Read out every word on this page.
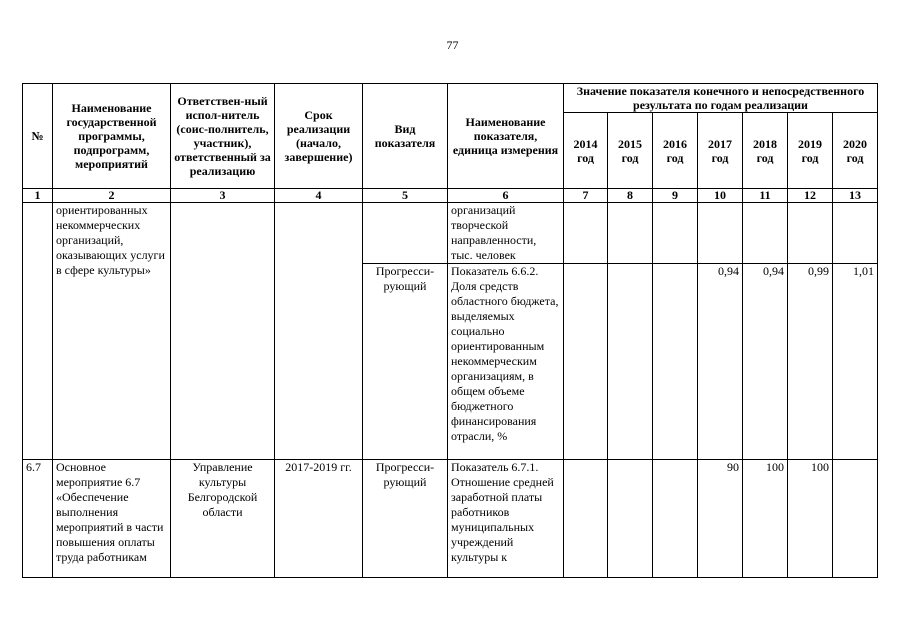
77
№	Наименование государственной программы, подпрограмм, мероприятий	Ответствен-ный испол-нитель (соис-полнитель, участник), ответственный за реализацию	Срок реализации (начало, завершение)	Вид показателя	Наименование показателя, единица измерения	Значение показателя конечного и непосредственного результата по годам реализации						
						2014 год	2015 год	2016 год	2017 год	2018 год	2019 год	2020 год
1	2	3	4	5	6	7	8	9	10	11	12	13
	ориентированных некоммерческих организаций, оказывающих услуги в сфере культуры»				организаций творческой направленности, тыс. человек							
				Прогресси-рующий	Показатель 6.6.2. Доля средств областного бюджета, выделяемых социально ориентированным некоммерческим организациям, в общем объеме бюджетного финансирования отрасли, %				0,94	0,94	0,99	1,01
6.7	Основное мероприятие 6.7 «Обеспечение выполнения мероприятий в части повышения оплаты труда работникам	Управление культуры Белгородской области	2017-2019 гг.	Прогресси-рующий	Показатель 6.7.1. Отношение средней заработной платы работников муниципальных учреждений культуры к				90	100	100	
